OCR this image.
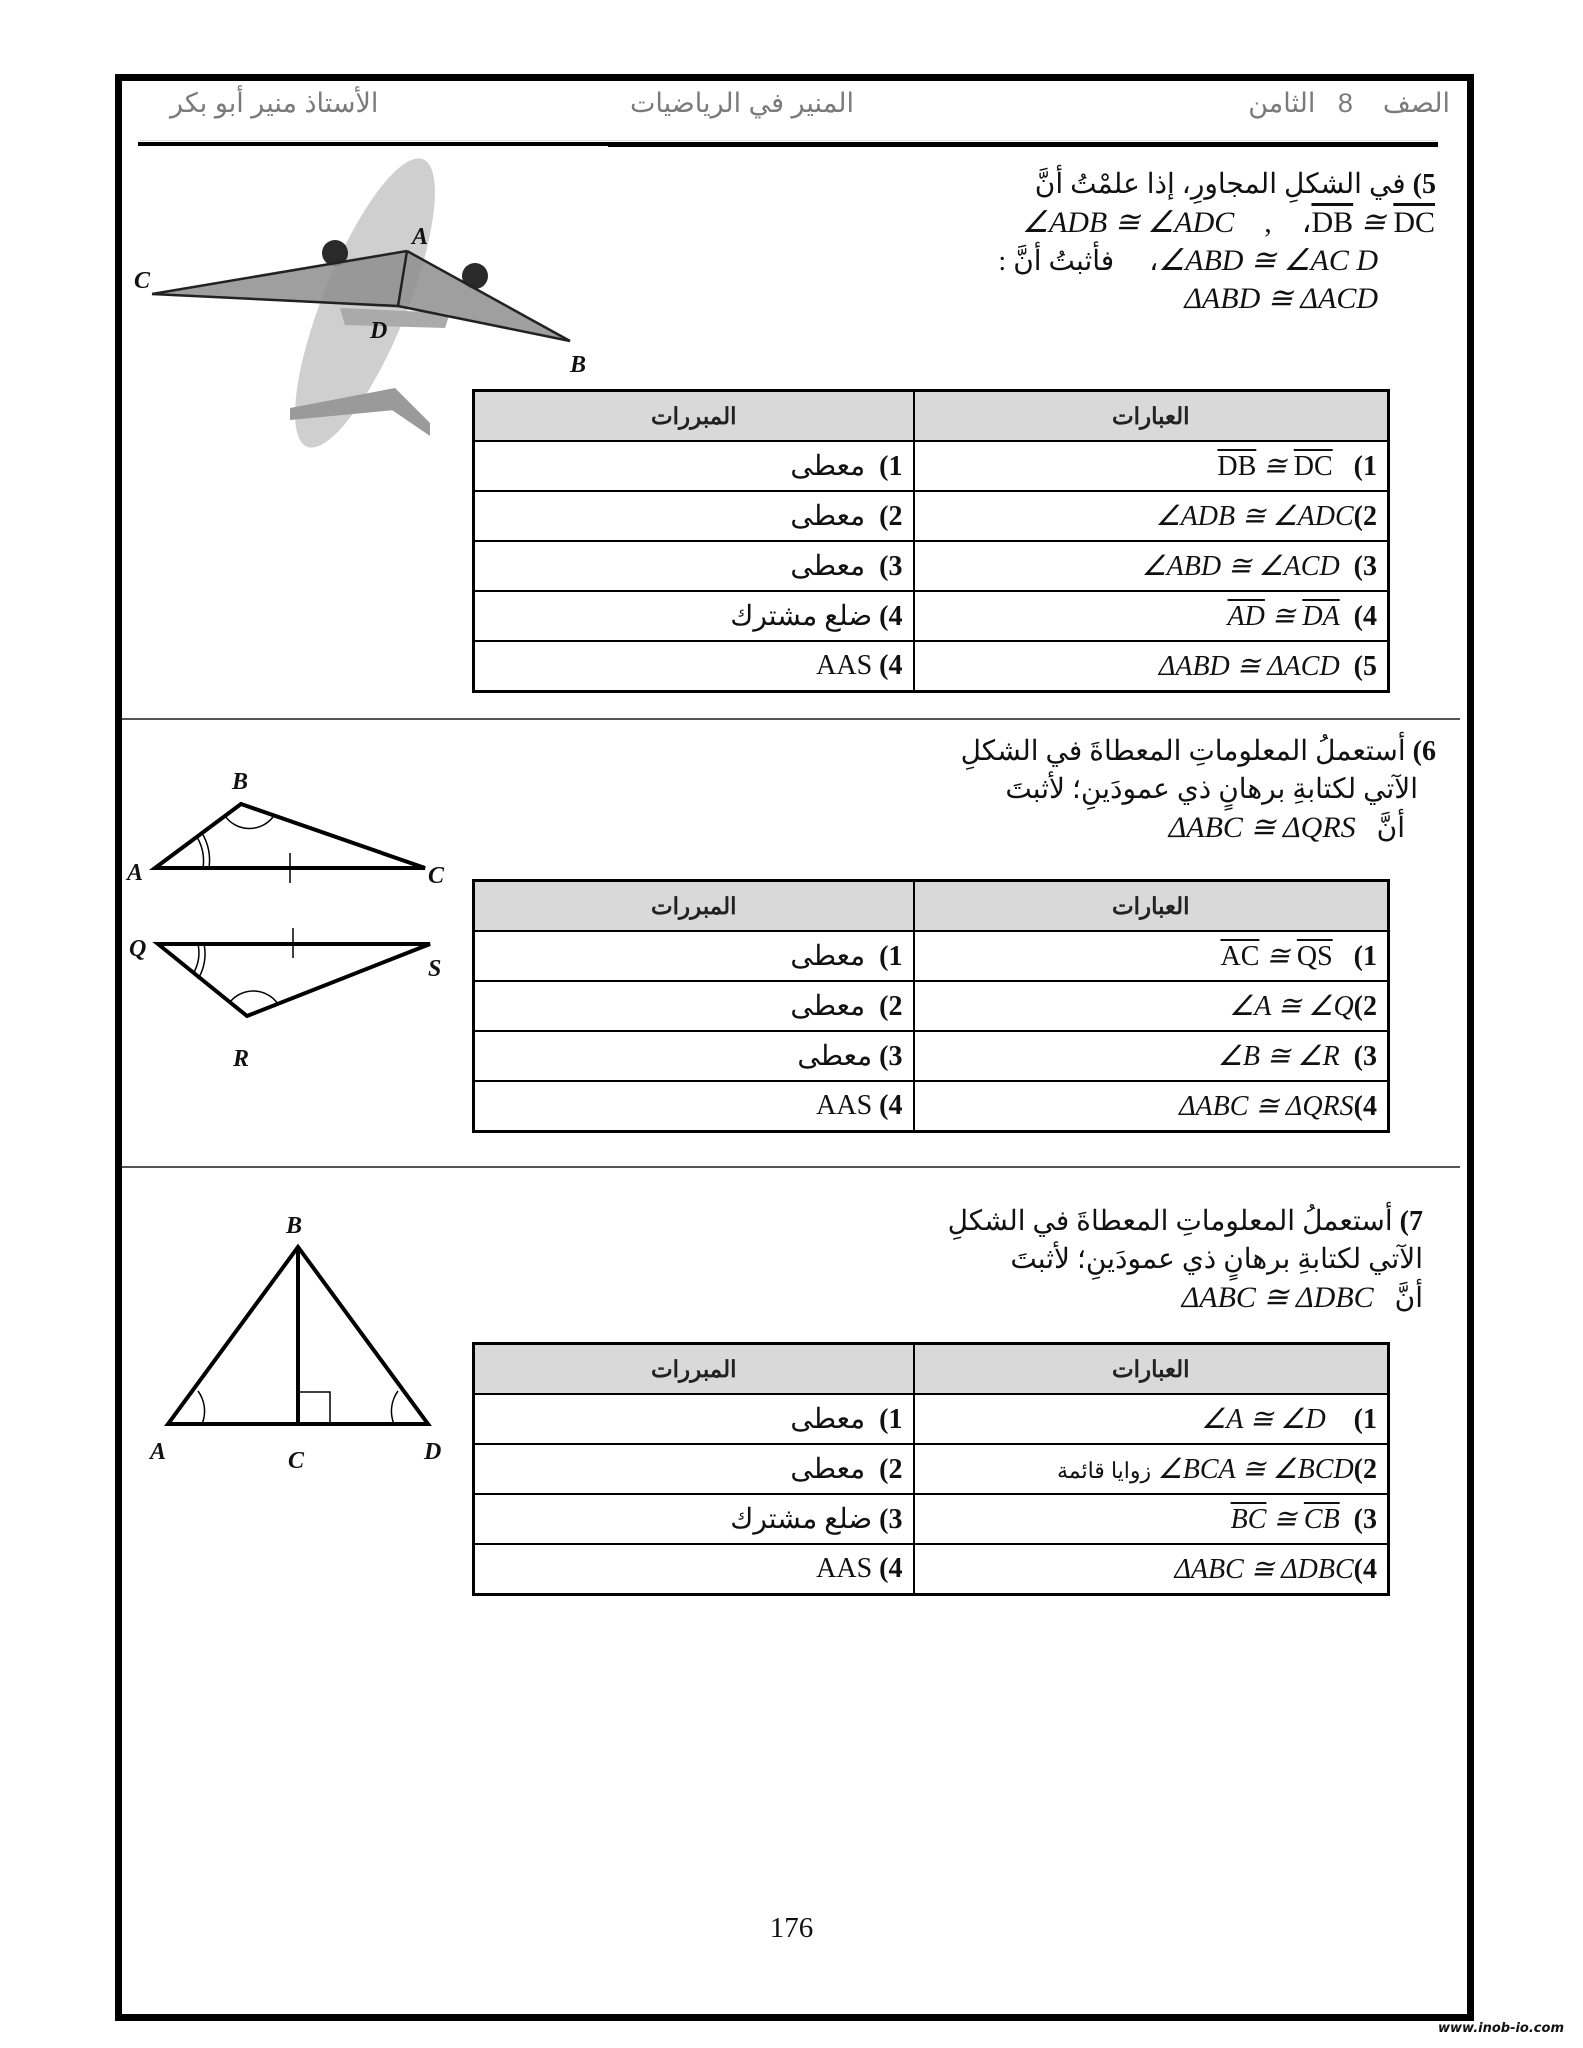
الصف    8   الثامن
المنير في الرياضيات
الأستاذ منير أبو بكر
A
C
D
B
5) في الشكلِ المجاورِ، إذا علمْتُ أنَّ
$\overline{DB}$ ≅ $\overline{DC}،$    ,    ∠ADB ≅ ∠ADC
∠ABD ≅ ∠AC D،     فأثبتُ أنَّ :
ΔABD ≅ ΔACD
العبارات	المبررات
1)   $\overline{DB}$ ≅ $\overline{DC}$	1)  معطى
2)∠ADB ≅ ∠ADC	2)  معطى
3)  ∠ABD ≅ ∠ACD	3)  معطى
4)  $\overline{AD}$ ≅ $\overline{DA}$	4) ضلع مشترك
5)  ΔABD ≅ ΔACD	AAS (4
B
A	C
Q
S
R
6) أستعملُ المعلوماتِ المعطاةَ في الشكلِ
الآتي لكتابةِ برهانٍ ذي عمودَينِ؛ لأثبتَ
أنَّ   ΔABC ≅ ΔQRS
العبارات	المبررات
1)   $\overline{AC}$ ≅ $\overline{QS}$	1)  معطى
2)∠A ≅ ∠Q	2)  معطى
3)  ∠B ≅ ∠R	3) معطى
4)ΔABC ≅ ΔQRS	AAS (4
B
A	C	D
7) أستعملُ المعلوماتِ المعطاةَ في الشكلِ
الآتي لكتابةِ برهانٍ ذي عمودَينِ؛ لأثبتَ
أنَّ   ΔABC ≅ ΔDBC
العبارات	المبررات
1)    ∠A ≅ ∠D	1)  معطى
2)∠BCA ≅ ∠BCD زوايا قائمة	2)  معطى
3)  $\overline{BC}$ ≅ $\overline{CB}$	3) ضلع مشترك
4)ΔABC ≅ ΔDBC	AAS (4
176
www.inob-io.com
